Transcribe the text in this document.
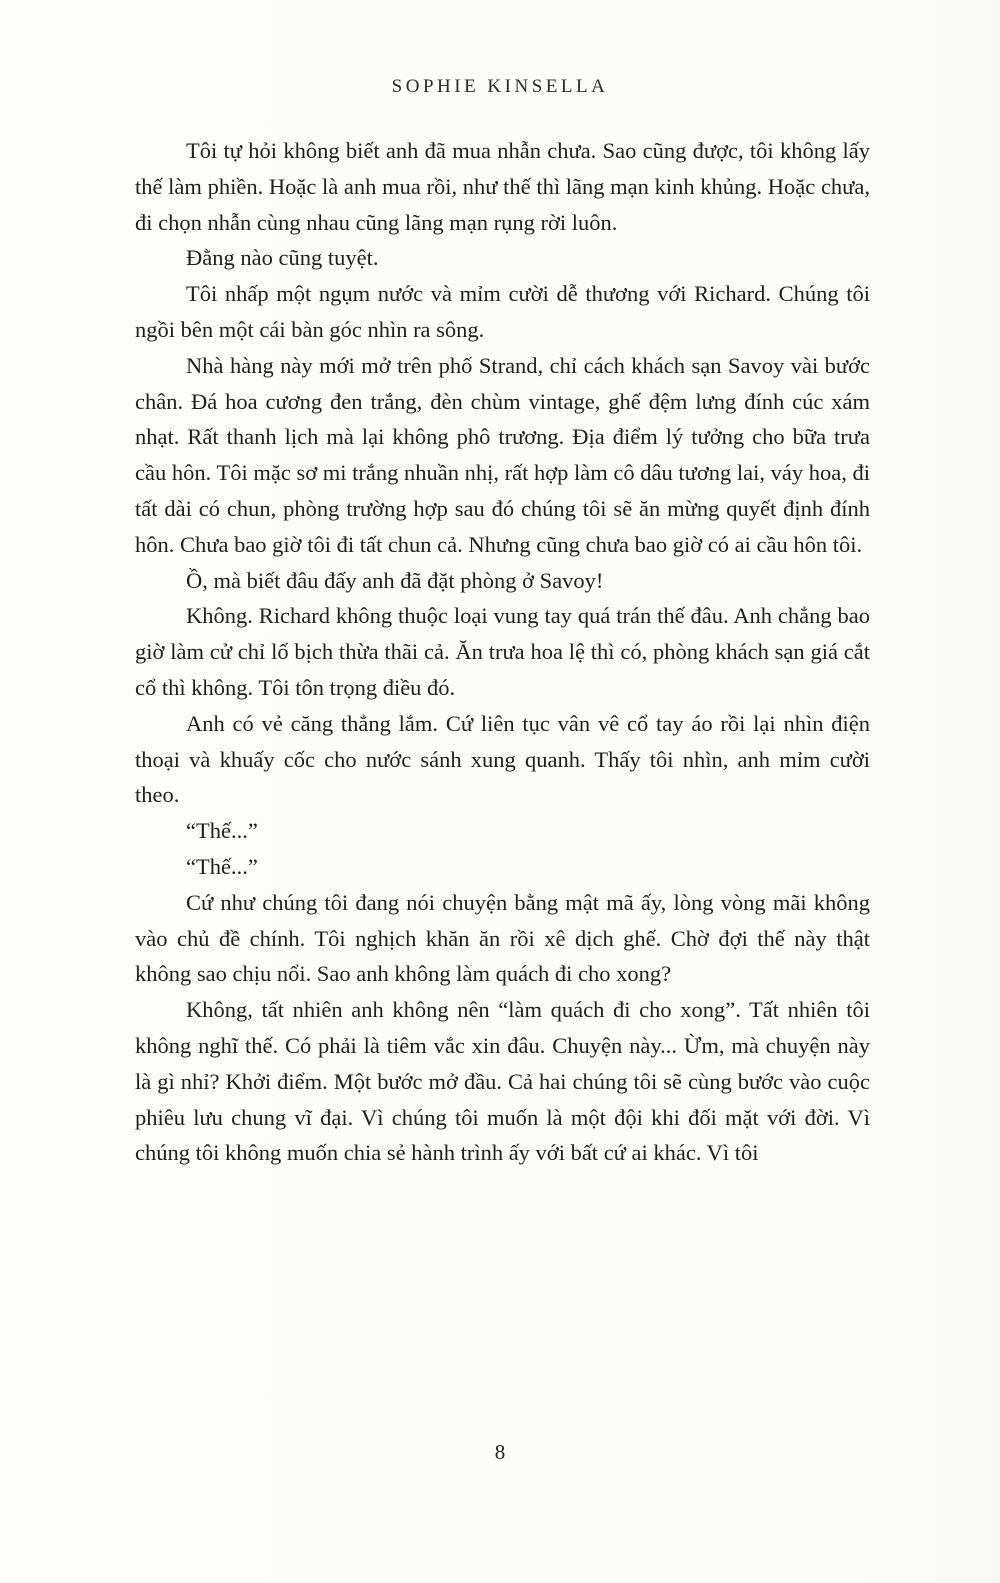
SOPHIE KINSELLA

Tôi tự hỏi không biết anh đã mua nhẫn chưa. Sao cũng được, tôi không lấy thế làm phiền. Hoặc là anh mua rồi, như thế thì lãng mạn kinh khủng. Hoặc chưa, đi chọn nhẫn cùng nhau cũng lãng mạn rụng rời luôn.

Đằng nào cũng tuyệt.

Tôi nhấp một ngụm nước và mỉm cười dễ thương với Richard. Chúng tôi ngồi bên một cái bàn góc nhìn ra sông.

Nhà hàng này mới mở trên phố Strand, chỉ cách khách sạn Savoy vài bước chân. Đá hoa cương đen trắng, đèn chùm vintage, ghế đệm lưng đính cúc xám nhạt. Rất thanh lịch mà lại không phô trương. Địa điểm lý tưởng cho bữa trưa cầu hôn. Tôi mặc sơ mi trắng nhuần nhị, rất hợp làm cô dâu tương lai, váy hoa, đi tất dài có chun, phòng trường hợp sau đó chúng tôi sẽ ăn mừng quyết định đính hôn. Chưa bao giờ tôi đi tất chun cả. Nhưng cũng chưa bao giờ có ai cầu hôn tôi.

Ồ, mà biết đâu đấy anh đã đặt phòng ở Savoy!

Không. Richard không thuộc loại vung tay quá trán thế đâu. Anh chẳng bao giờ làm cử chỉ lố bịch thừa thãi cả. Ăn trưa hoa lệ thì có, phòng khách sạn giá cắt cổ thì không. Tôi tôn trọng điều đó.

Anh có vẻ căng thẳng lắm. Cứ liên tục vân vê cổ tay áo rồi lại nhìn điện thoại và khuấy cốc cho nước sánh xung quanh. Thấy tôi nhìn, anh mỉm cười theo.

“Thế...”

“Thế...”

Cứ như chúng tôi đang nói chuyện bằng mật mã ấy, lòng vòng mãi không vào chủ đề chính. Tôi nghịch khăn ăn rồi xê dịch ghế. Chờ đợi thế này thật không sao chịu nổi. Sao anh không làm quách đi cho xong?

Không, tất nhiên anh không nên “làm quách đi cho xong”. Tất nhiên tôi không nghĩ thế. Có phải là tiêm vắc xin đâu. Chuyện này... Ừm, mà chuyện này là gì nhỉ? Khởi điểm. Một bước mở đầu. Cả hai chúng tôi sẽ cùng bước vào cuộc phiêu lưu chung vĩ đại. Vì chúng tôi muốn là một đội khi đối mặt với đời. Vì chúng tôi không muốn chia sẻ hành trình ấy với bất cứ ai khác. Vì tôi

8
